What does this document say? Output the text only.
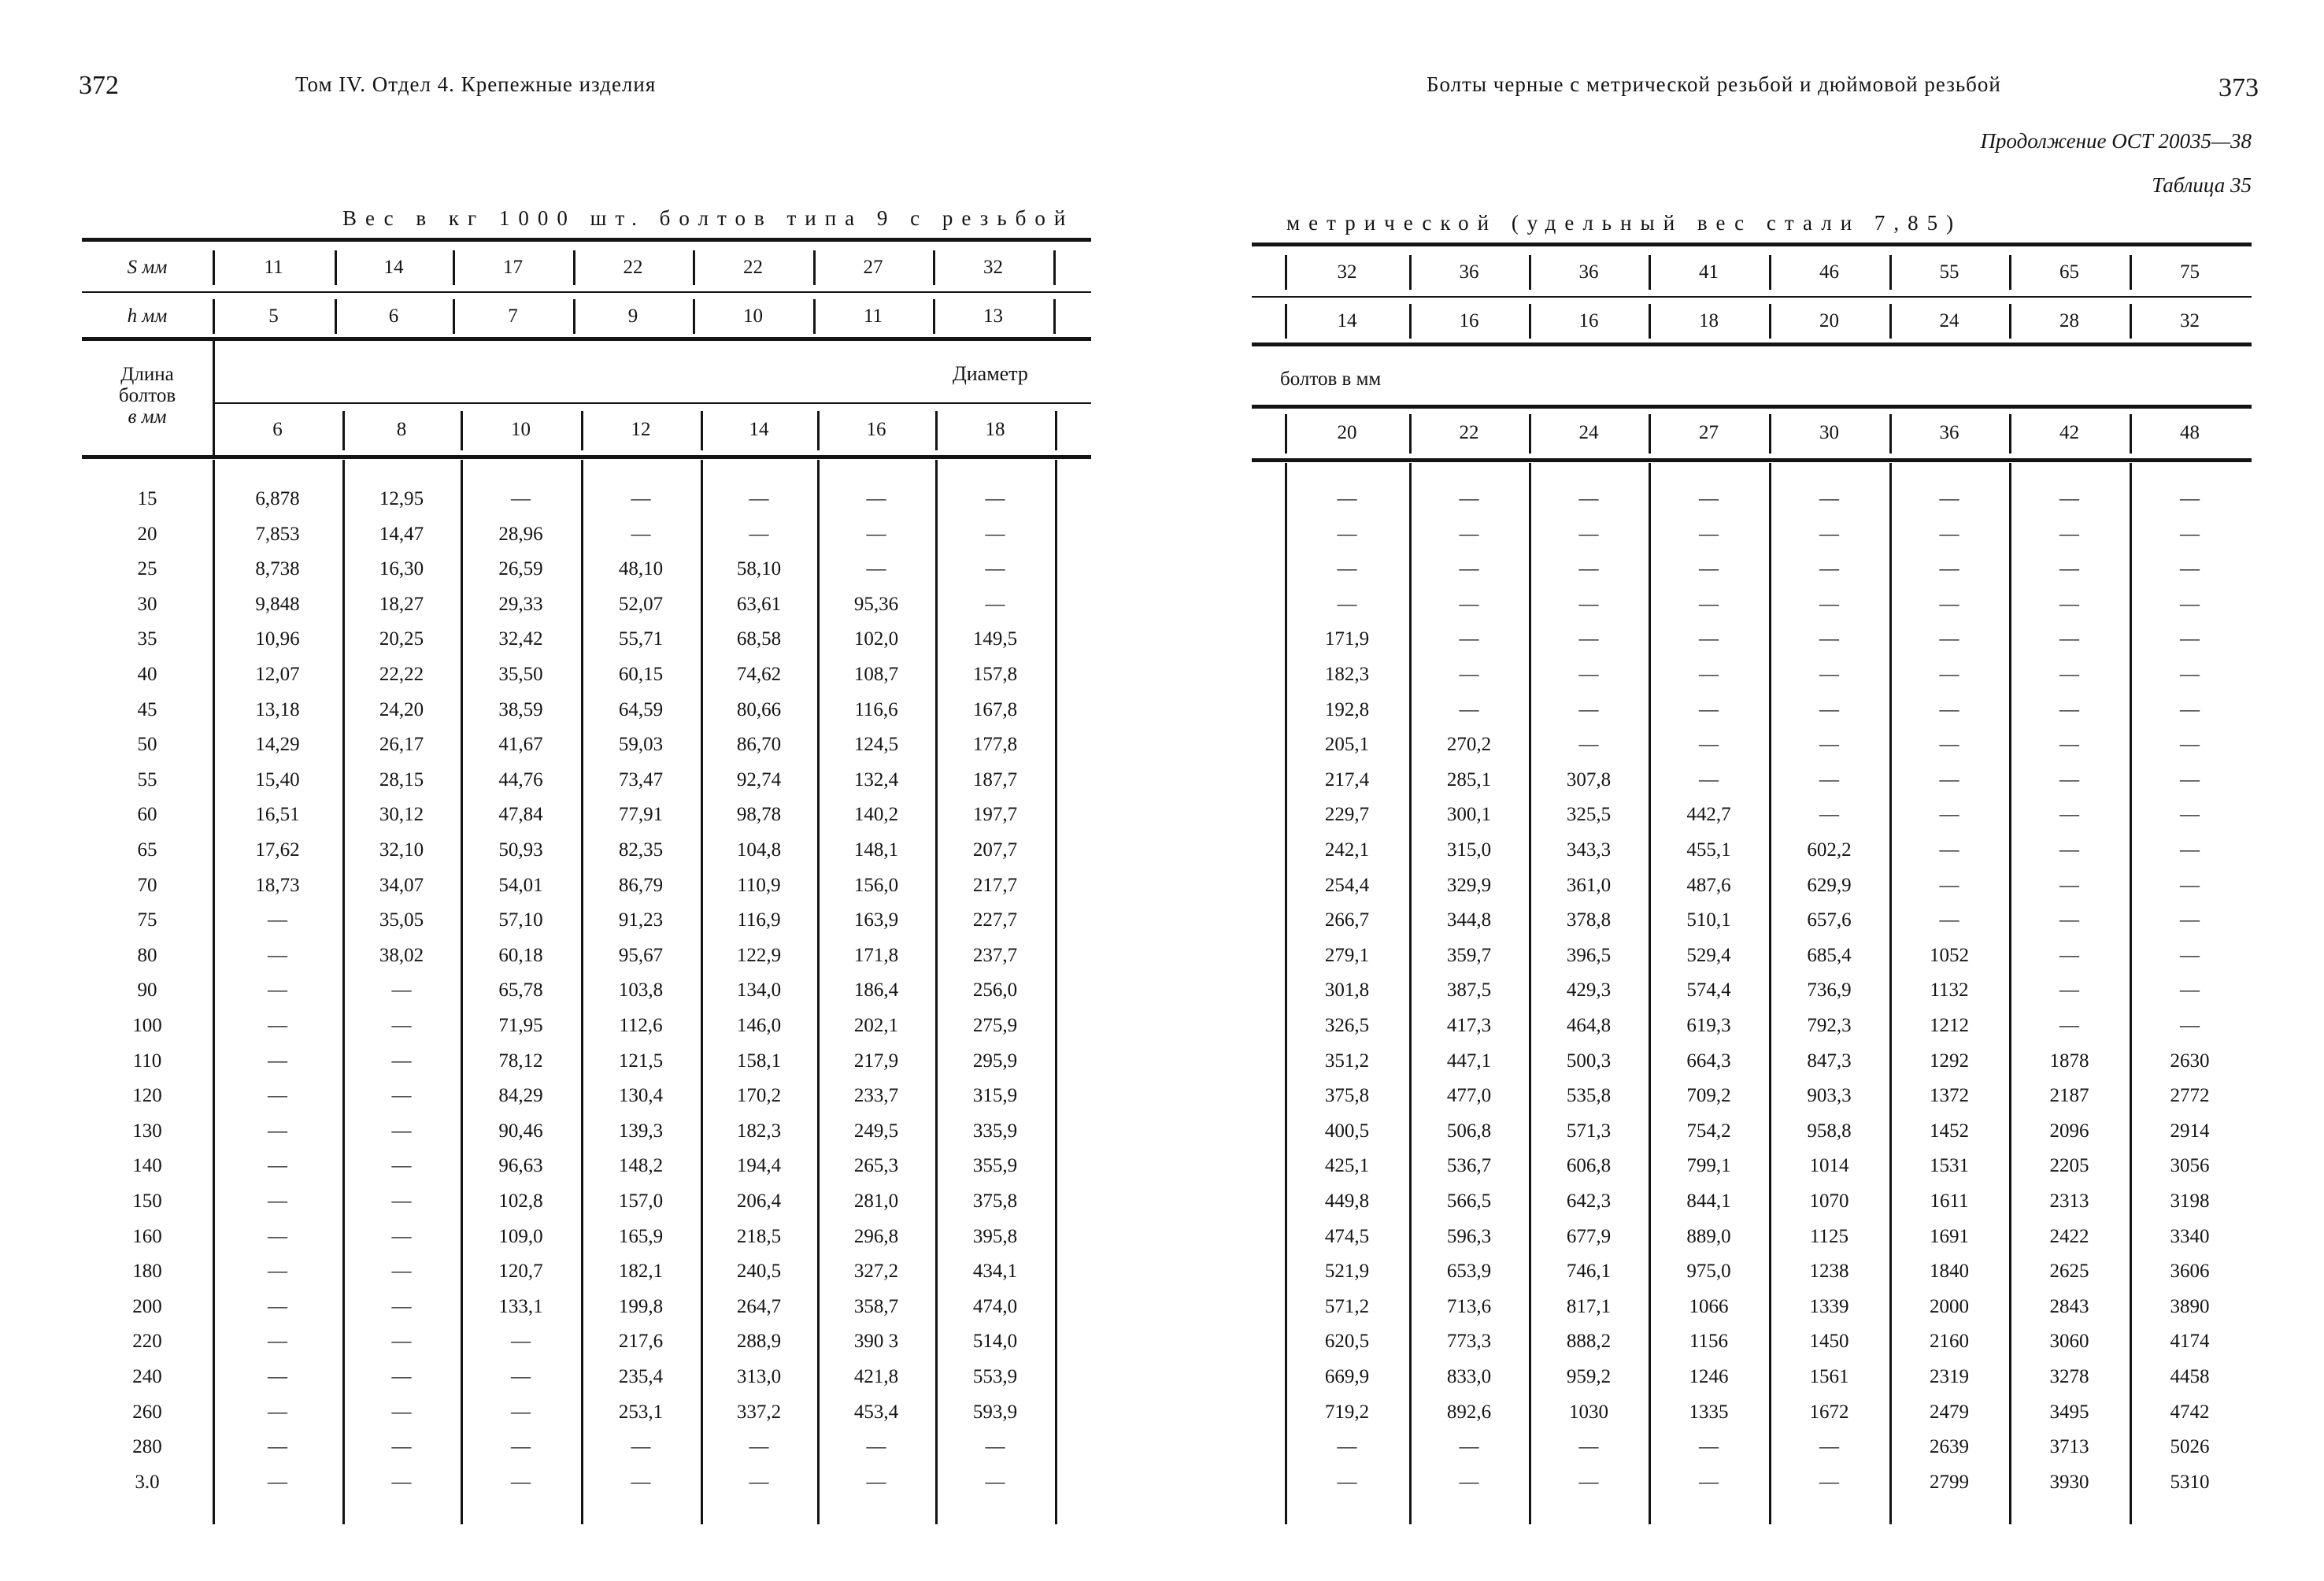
372	Том IV. Отдел 4. Крепежные изделия
Вес в кг 1000 шт. болтов типа 9 с резьбой
S мм
h мм
Длина
болтов
в мм
Диаметр
11
5
6
14
6
8
17
7
10
22
9
12
22
10
14
27
11
16
32
13
18
15
20
25
30
35
40
45
50
55
60
65
70
75
80
90
100
110
120
130
140
150
160
180
200
220
240
260
280
3.0
6,878
7,853
8,738
9,848
10,96
12,07
13,18
14,29
15,40
16,51
17,62
18,73
—
—
—
—
—
—
—
—
—
—
—
—
—
—
—
—
—
12,95
14,47
16,30
18,27
20,25
22,22
24,20
26,17
28,15
30,12
32,10
34,07
35,05
38,02
—
—
—
—
—
—
—
—
—
—
—
—
—
—
—
—
28,96
26,59
29,33
32,42
35,50
38,59
41,67
44,76
47,84
50,93
54,01
57,10
60,18
65,78
71,95
78,12
84,29
90,46
96,63
102,8
109,0
120,7
133,1
—
—
—
—
—
—
—
48,10
52,07
55,71
60,15
64,59
59,03
73,47
77,91
82,35
86,79
91,23
95,67
103,8
112,6
121,5
130,4
139,3
148,2
157,0
165,9
182,1
199,8
217,6
235,4
253,1
—
—
—
—
58,10
63,61
68,58
74,62
80,66
86,70
92,74
98,78
104,8
110,9
116,9
122,9
134,0
146,0
158,1
170,2
182,3
194,4
206,4
218,5
240,5
264,7
288,9
313,0
337,2
—
—
—
—
—
95,36
102,0
108,7
116,6
124,5
132,4
140,2
148,1
156,0
163,9
171,8
186,4
202,1
217,9
233,7
249,5
265,3
281,0
296,8
327,2
358,7
390 3
421,8
453,4
—
—
—
—
—
—
149,5
157,8
167,8
177,8
187,7
197,7
207,7
217,7
227,7
237,7
256,0
275,9
295,9
315,9
335,9
355,9
375,8
395,8
434,1
474,0
514,0
553,9
593,9
—
—
373
Болты черные с метрической резьбой и дюймовой резьбой
Продолжение ОСТ 20035—38
Таблица 35
метрической (удельный вес стали 7,85)
болтов в мм
32
14
20
36
16
22
36
16
24
41
18
27
46
20
30
55
24
36
65
28
42
75
32
48
—
—
—
—
171,9
182,3
192,8
205,1
217,4
229,7
242,1
254,4
266,7
279,1
301,8
326,5
351,2
375,8
400,5
425,1
449,8
474,5
521,9
571,2
620,5
669,9
719,2
—
—
—
—
—
—
—
—
—
270,2
285,1
300,1
315,0
329,9
344,8
359,7
387,5
417,3
447,1
477,0
506,8
536,7
566,5
596,3
653,9
713,6
773,3
833,0
892,6
—
—
—
—
—
—
—
—
—
—
307,8
325,5
343,3
361,0
378,8
396,5
429,3
464,8
500,3
535,8
571,3
606,8
642,3
677,9
746,1
817,1
888,2
959,2
1030
—
—
—
—
—
—
—
—
—
—
—
442,7
455,1
487,6
510,1
529,4
574,4
619,3
664,3
709,2
754,2
799,1
844,1
889,0
975,0
1066
1156
1246
1335
—
—
—
—
—
—
—
—
—
—
—
—
602,2
629,9
657,6
685,4
736,9
792,3
847,3
903,3
958,8
1014
1070
1125
1238
1339
1450
1561
1672
—
—
—
—
—
—
—
—
—
—
—
—
—
—
—
1052
1132
1212
1292
1372
1452
1531
1611
1691
1840
2000
2160
2319
2479
2639
2799
—
—
—
—
—
—
—
—
—
—
—
—
—
—
—
—
1878
2187
2096
2205
2313
2422
2625
2843
3060
3278
3495
3713
3930
—
—
—
—
—
—
—
—
—
—
—
—
—
—
—
—
2630
2772
2914
3056
3198
3340
3606
3890
4174
4458
4742
5026
5310
